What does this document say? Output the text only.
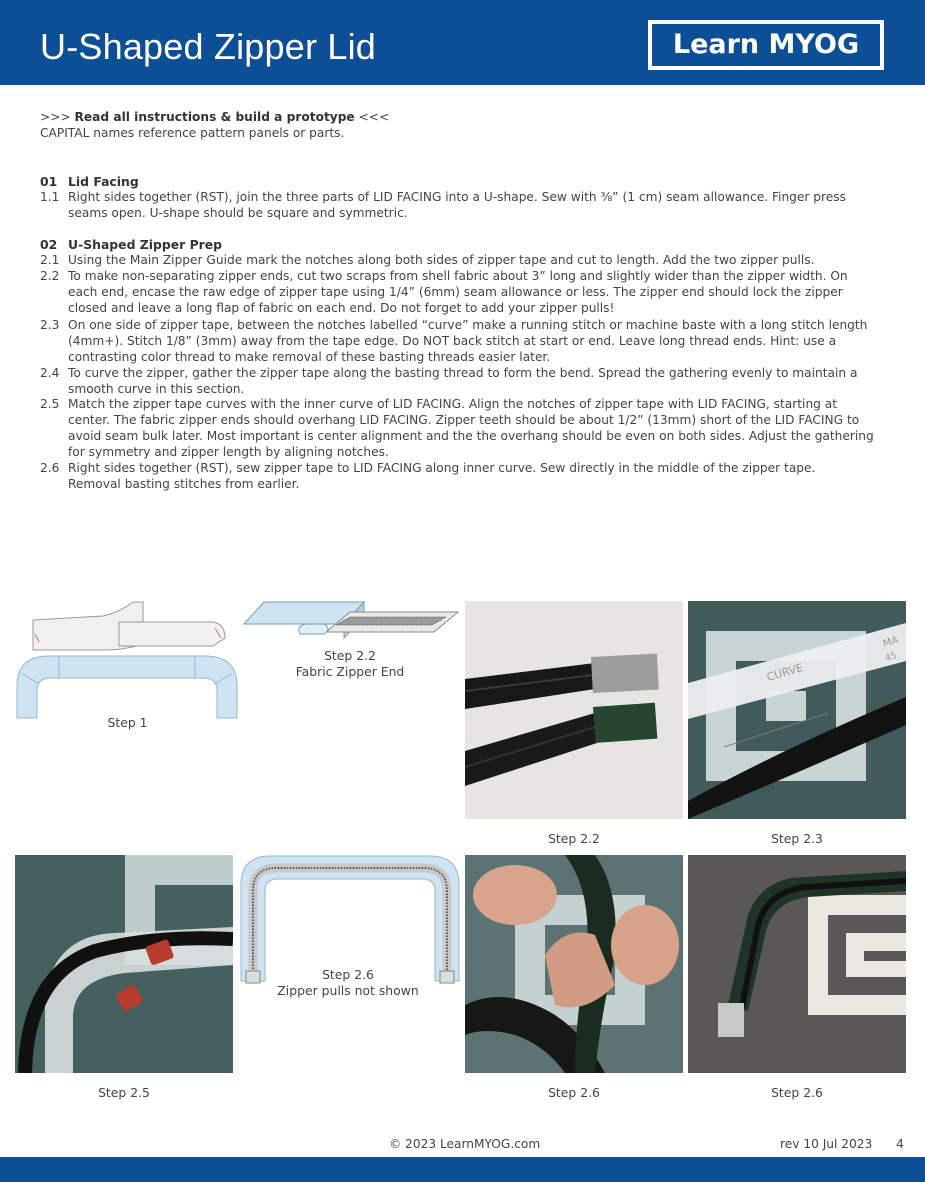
U-Shaped Zipper Lid	Learn MYOG
>>> Read all instructions & build a prototype <<<
CAPITAL names reference pattern panels or parts.
01 Lid Facing
1.1 Right sides together (RST), join the three parts of LID FACING into a U-shape. Sew with ⅜” (1 cm) seam allowance. Finger press
seams open. U-shape should be square and symmetric.
02 U-Shaped Zipper Prep
2.1 Using the Main Zipper Guide mark the notches along both sides of zipper tape and cut to length. Add the two zipper pulls.
2.2 To make non-separating zipper ends, cut two scraps from shell fabric about 3” long and slightly wider than the zipper width. On
each end, encase the raw edge of zipper tape using 1/4” (6mm) seam allowance or less. The zipper end should lock the zipper
closed and leave a long flap of fabric on each end. Do not forget to add your zipper pulls!
2.3 On one side of zipper tape, between the notches labelled “curve” make a running stitch or machine baste with a long stitch length
(4mm+). Stitch 1/8” (3mm) away from the tape edge. Do NOT back stitch at start or end. Leave long thread ends. Hint: use a
contrasting color thread to make removal of these basting threads easier later.
2.4 To curve the zipper, gather the zipper tape along the basting thread to form the bend. Spread the gathering evenly to maintain a
smooth curve in this section.
2.5 Match the zipper tape curves with the inner curve of LID FACING. Align the notches of zipper tape with LID FACING, starting at
center. The fabric zipper ends should overhang LID FACING. Zipper teeth should be about 1/2” (13mm) short of the LID FACING to
avoid seam bulk later. Most important is center alignment and the the overhang should be even on both sides. Adjust the gathering
for symmetry and zipper length by aligning notches.
2.6 Right sides together (RST), sew zipper tape to LID FACING along inner curve. Sew directly in the middle of the zipper tape.
Removal basting stitches from earlier.
Step 1
Step 2.2
Fabric Zipper End
Step 2.2
CURVE
MA
45
Step 2.3
Step 2.5
Step 2.6
Zipper pulls not shown
Step 2.6	Step 2.6
© 2023 LearnMYOG.com	rev 10 Jul 2023 4
